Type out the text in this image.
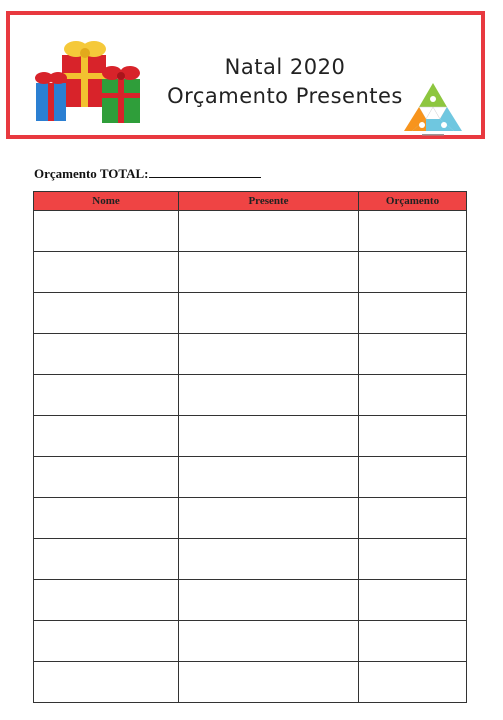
Natal 2020
Orçamento Presentes
Orçamento TOTAL:
Nome	Presente	Orçamento
